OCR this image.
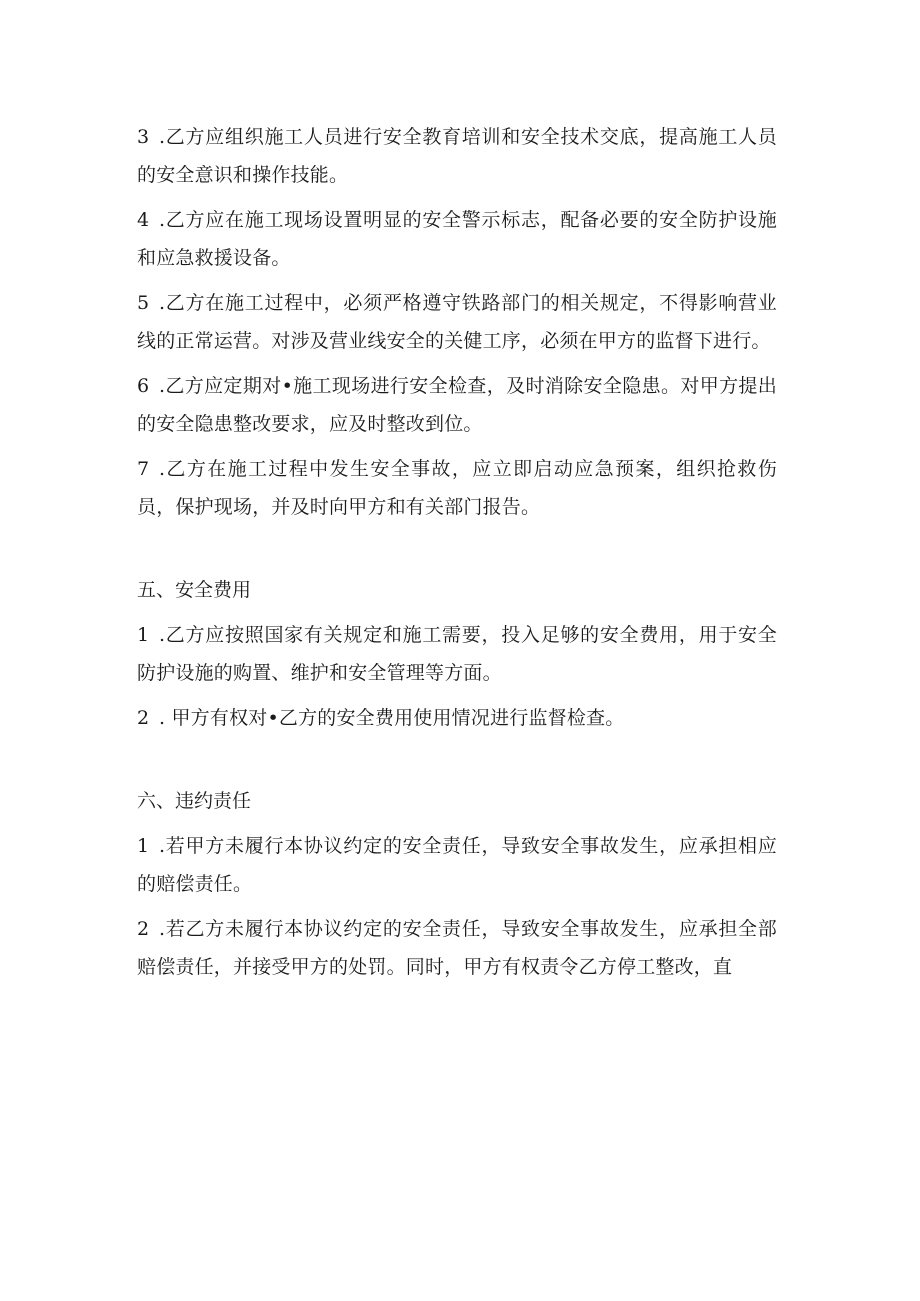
3 .乙方应组织施工人员进行安全教育培训和安全技术交底，提高施工人员的安全意识和操作技能。

4 .乙方应在施工现场设置明显的安全警示标志，配备必要的安全防护设施和应急救援设备。

5 .乙方在施工过程中，必须严格遵守铁路部门的相关规定，不得影响营业线的正常运营。对涉及营业线安全的关健工序，必须在甲方的监督下进行。

6 .乙方应定期对•施工现场进行安全检查，及时消除安全隐患。对甲方提出的安全隐患整改要求，应及时整改到位。

7 .乙方在施工过程中发生安全事故，应立即启动应急预案，组织抢救伤员，保护现场，并及时向甲方和有关部门报告。

五、安全费用

1 .乙方应按照国家有关规定和施工需要，投入足够的安全费用，用于安全防护设施的购置、维护和安全管理等方面。

2 . 甲方有权对•乙方的安全费用使用情况进行监督检查。

六、违约责任

1 .若甲方未履行本协议约定的安全责任，导致安全事故发生，应承担相应的赔偿责任。

2 .若乙方未履行本协议约定的安全责任，导致安全事故发生，应承担全部赔偿责任，并接受甲方的处罚。同时，甲方有权责令乙方停工整改，直
